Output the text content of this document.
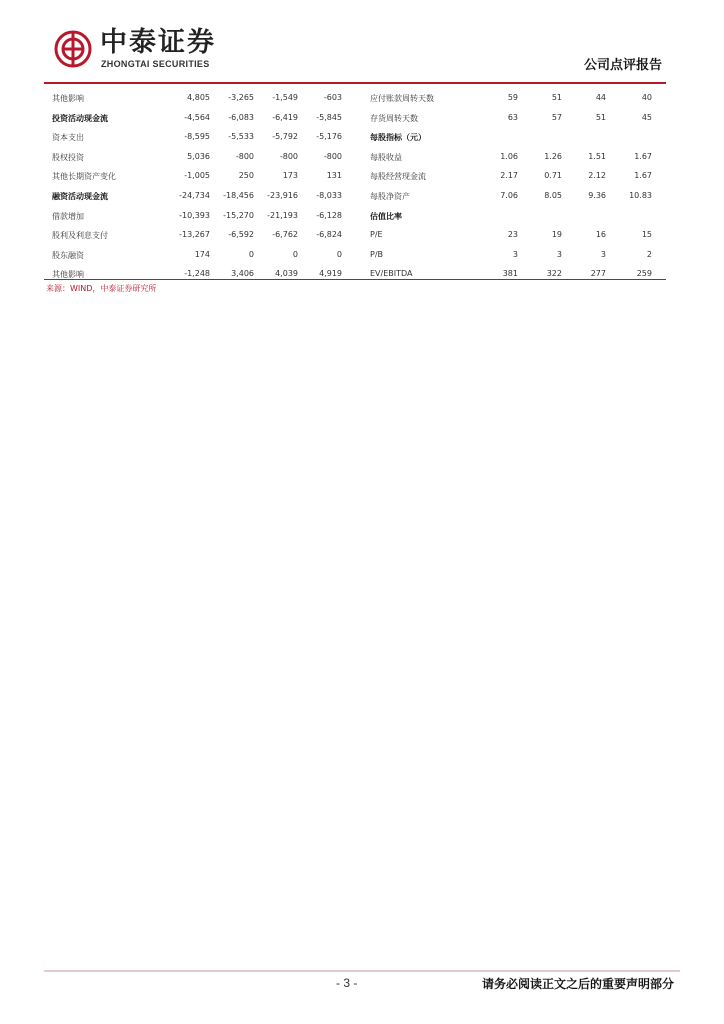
中泰证券
ZHONGTAI SECURITIES	公司点评报告
其他影响	4,805 -3,265 -1,549	-603	应付账款周转天数	59	51	44	40
投资活动现金流	-4,564 -6,083 -6,419 -5,845	存货周转天数	63	57	51	45
资本支出	-8,595 -5,533 -5,792 -5,176	每股指标（元）
股权投资	5,036	-800	-800	-800	每股收益	1.06	1.26	1.51	1.67
其他长期资产变化	-1,005	250	173	131	每股经营现金流	2.17	0.71	2.12	1.67
融资活动现金流	-24,734 -18,456 -23,916 -8,033	每股净资产	7.06	8.05	9.36	10.83
借款增加	-10,393 -15,270 -21,193 -6,128	估值比率
股利及利息支付	-13,267 -6,592 -6,762 -6,824	P/E	23	19	16	15
股东融资	174	0	0	0	P/B	3	3	3	2
其他影响	-1,248	3,406	4,039	4,919	EV/EBITDA	381	322	277	259
来源：WIND，中泰证券研究所
- 3 -	请务必阅读正文之后的重要声明部分
